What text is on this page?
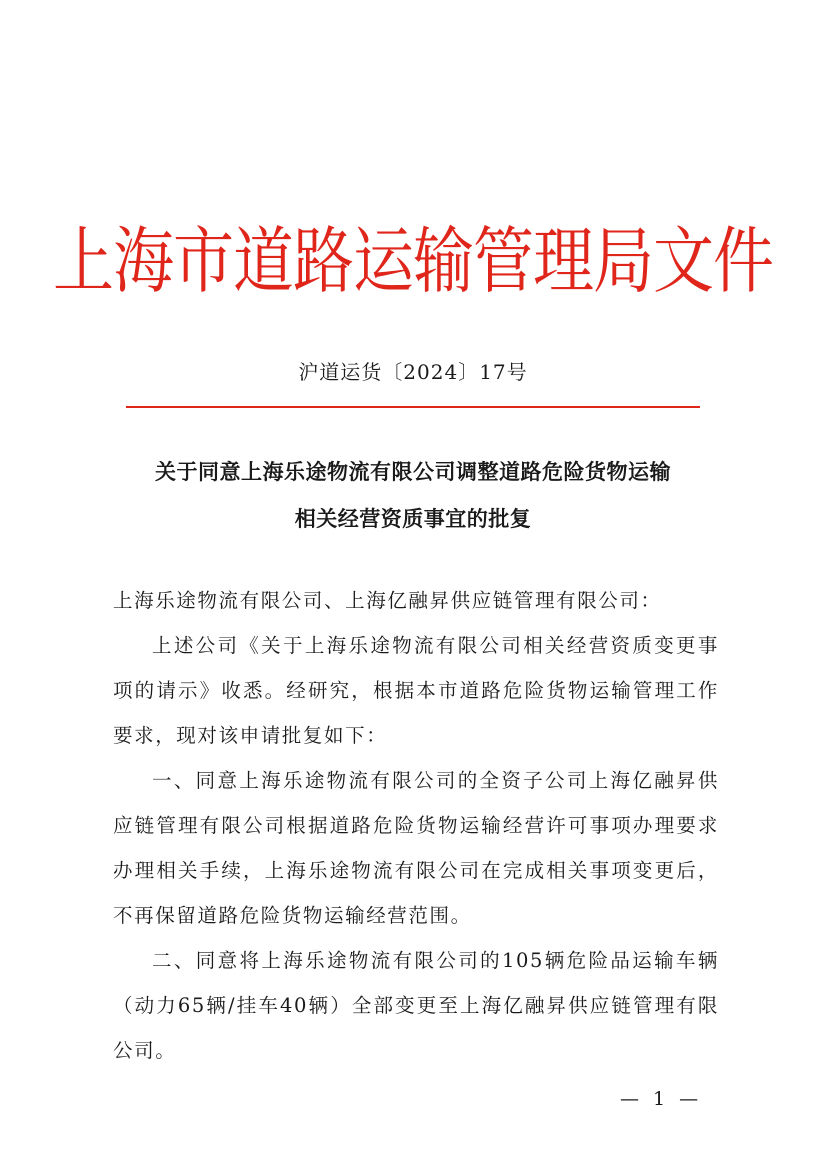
上海市道路运输管理局文件
沪道运货〔2024〕17号
关于同意上海乐途物流有限公司调整道路危险货物运输
相关经营资质事宜的批复

上海乐途物流有限公司、上海亿融昇供应链管理有限公司：

上述公司《关于上海乐途物流有限公司相关经营资质变更事项的请示》收悉。经研究，根据本市道路危险货物运输管理工作要求，现对该申请批复如下：

一、同意上海乐途物流有限公司的全资子公司上海亿融昇供应链管理有限公司根据道路危险货物运输经营许可事项办理要求办理相关手续，上海乐途物流有限公司在完成相关事项变更后，不再保留道路危险货物运输经营范围。

二、同意将上海乐途物流有限公司的105辆危险品运输车辆（动力65辆/挂车40辆）全部变更至上海亿融昇供应链管理有限公司。

— 1 —
